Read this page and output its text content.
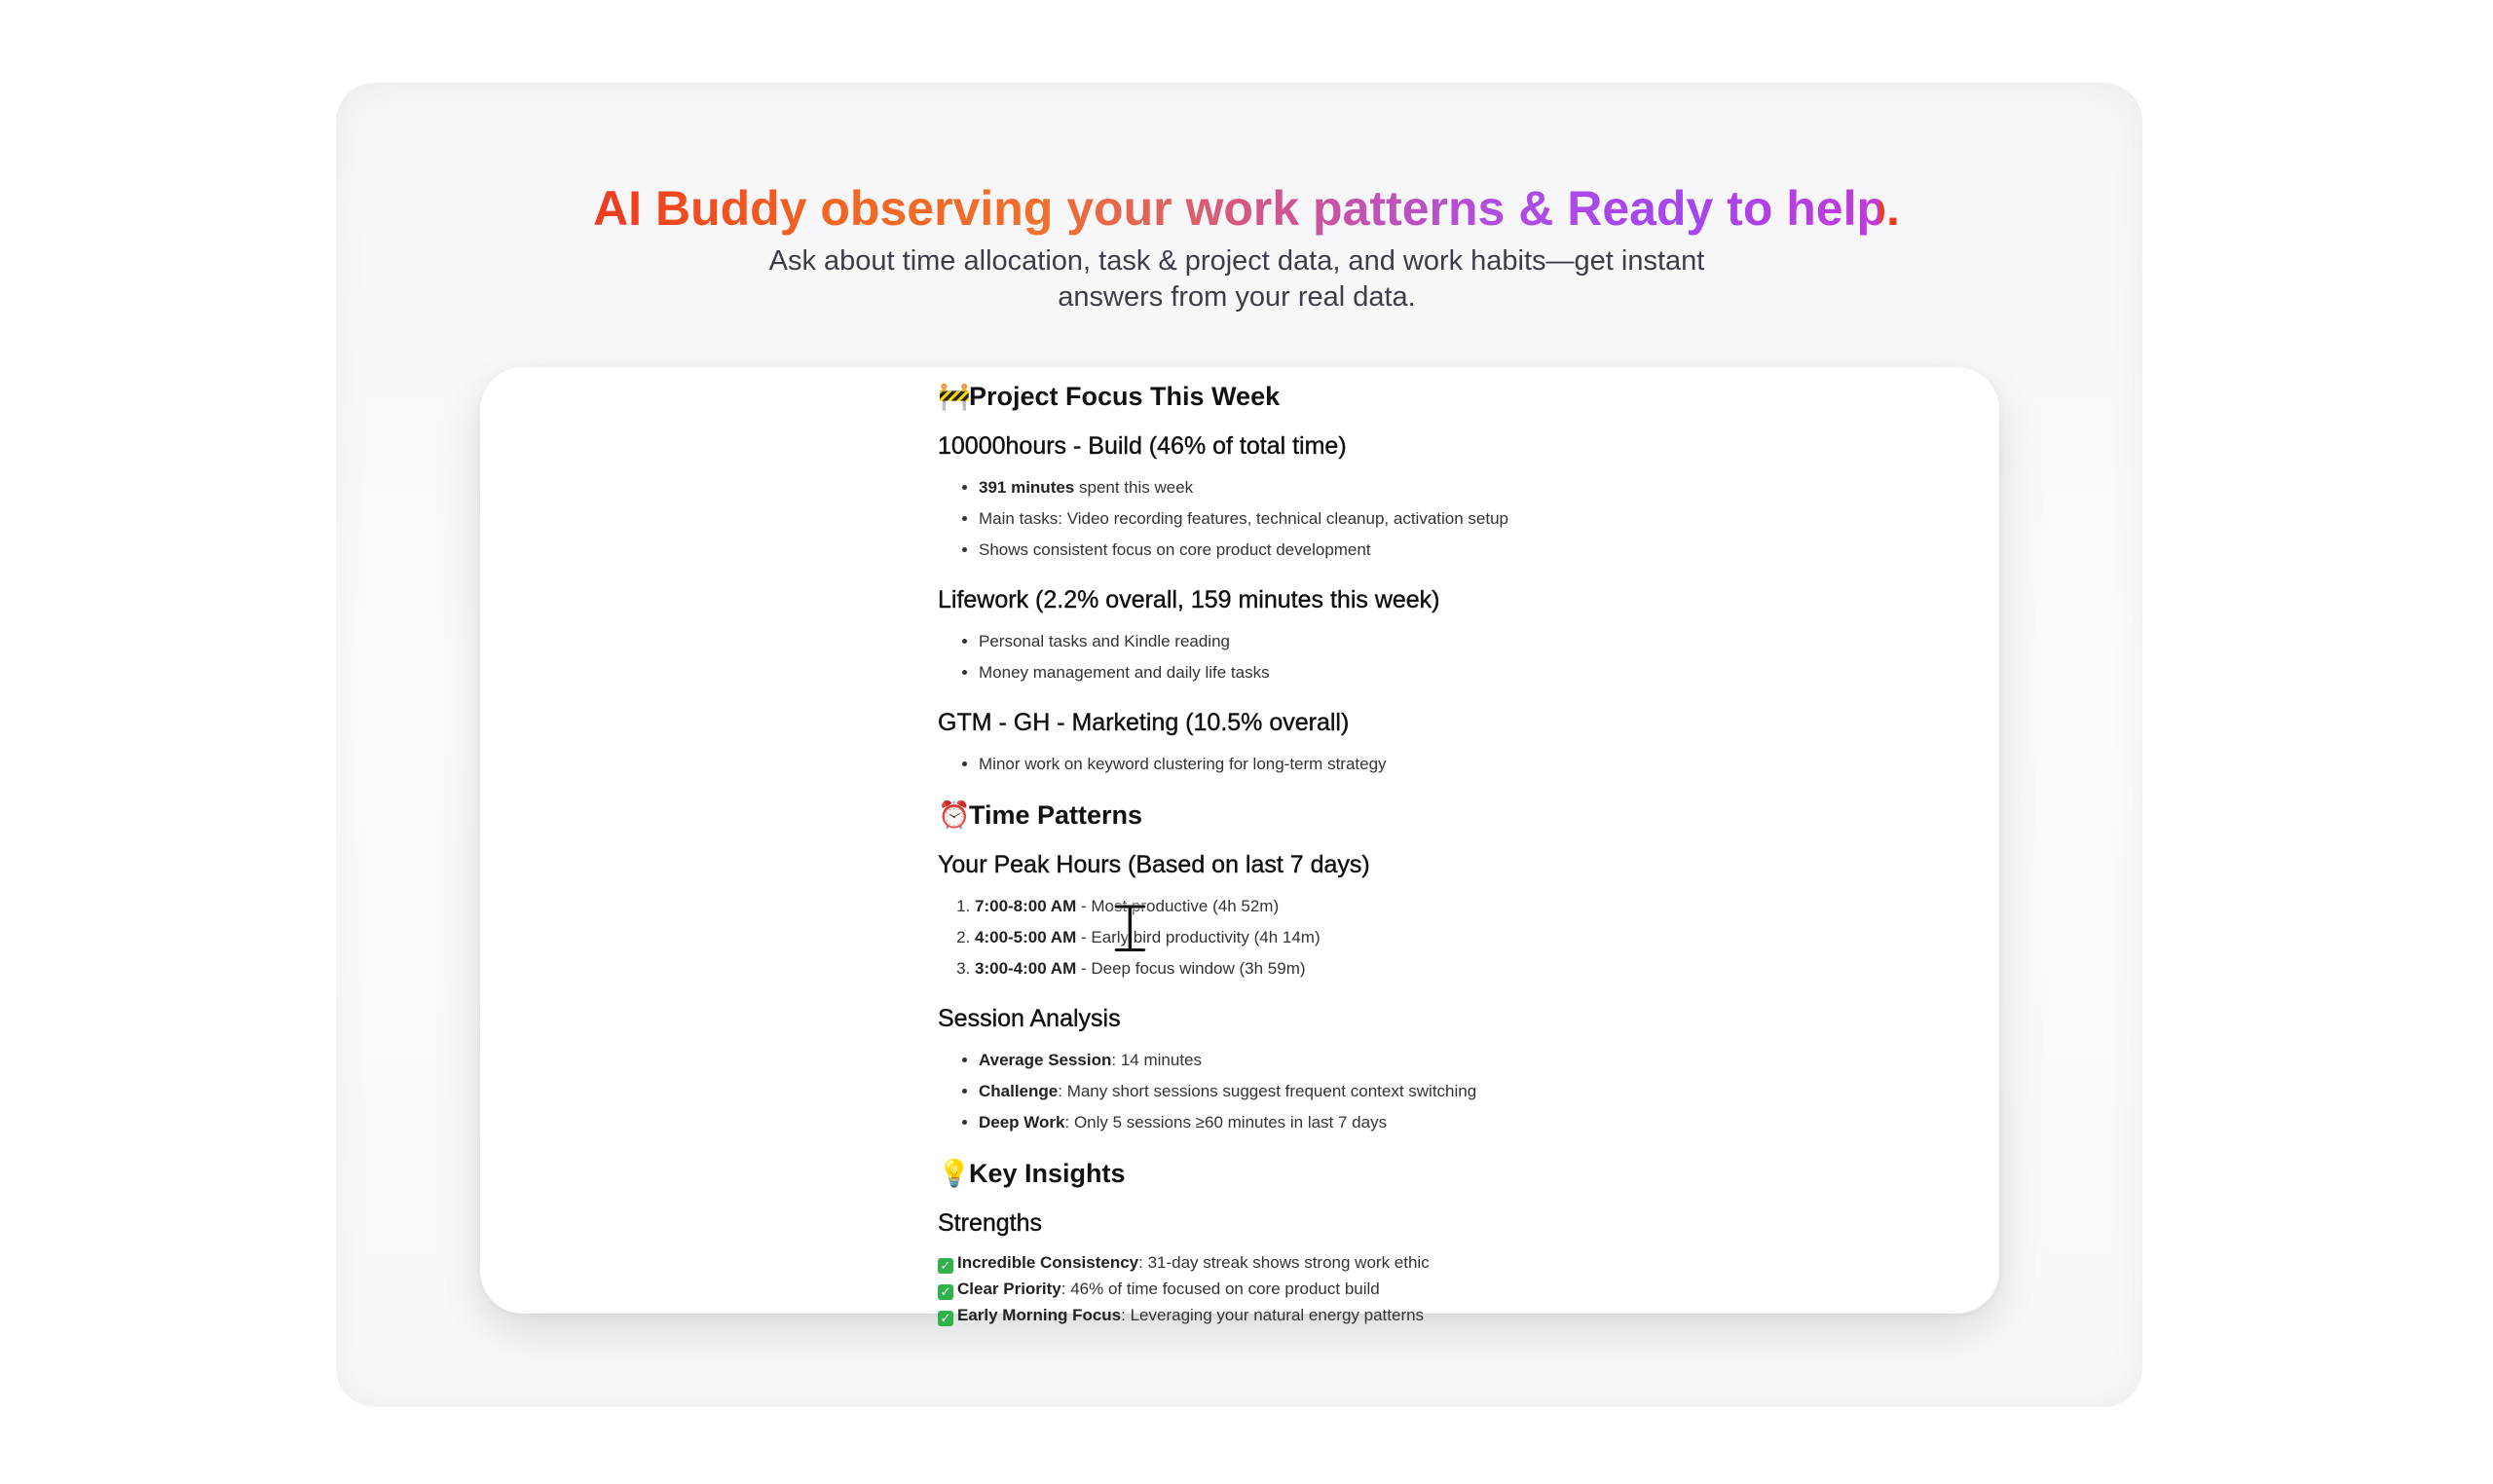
AI Buddy observing your work patterns & Ready to help.
Ask about time allocation, task & project data, and work habits—get instant answers from your real data.
🚧Project Focus This Week
10000hours - Build (46% of total time)
• 391 minutes spent this week
• Main tasks: Video recording features, technical cleanup, activation setup
• Shows consistent focus on core product development
Lifework (2.2% overall, 159 minutes this week)
• Personal tasks and Kindle reading
• Money management and daily life tasks
GTM - GH - Marketing (10.5% overall)
• Minor work on keyword clustering for long-term strategy
⏰Time Patterns
Your Peak Hours (Based on last 7 days)
1. 7:00-8:00 AM - Most productive (4h 52m)
2. 4:00-5:00 AM - Early bird productivity (4h 14m)
3. 3:00-4:00 AM - Deep focus window (3h 59m)
Session Analysis
• Average Session: 14 minutes
• Challenge: Many short sessions suggest frequent context switching
• Deep Work: Only 5 sessions ≥60 minutes in last 7 days
💡Key Insights
Strengths
✓ Incredible Consistency: 31-day streak shows strong work ethic
✓ Clear Priority: 46% of time focused on core product build
✓ Early Morning Focus: Leveraging your natural energy patterns
𝙸
